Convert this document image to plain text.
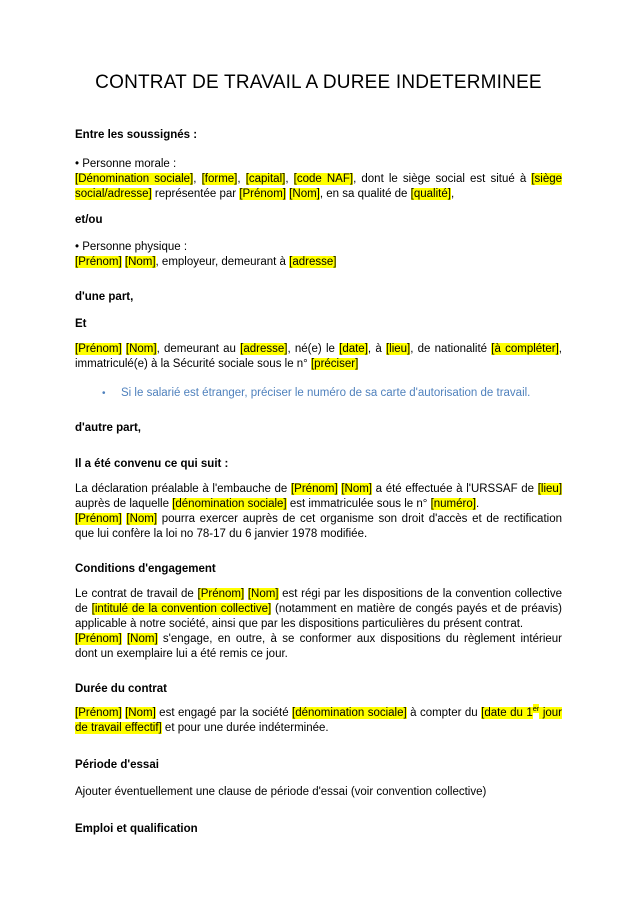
CONTRAT DE TRAVAIL A DUREE INDETERMINEE
Entre les soussignés :
• Personne morale :
[Dénomination sociale], [forme], [capital], [code NAF], dont le siège social est situé à [siège social/adresse] représentée par [Prénom] [Nom], en sa qualité de [qualité],
et/ou
• Personne physique :
[Prénom] [Nom], employeur, demeurant à [adresse]
d'une part,
Et
[Prénom] [Nom], demeurant au [adresse], né(e) le [date], à [lieu], de nationalité [à compléter], immatriculé(e) à la Sécurité sociale sous le n° [préciser]
•	Si le salarié est étranger, préciser le numéro de sa carte d'autorisation de travail.
d'autre part,
Il a été convenu ce qui suit :
La déclaration préalable à l'embauche de [Prénom] [Nom] a été effectuée à l'URSSAF de [lieu] auprès de laquelle [dénomination sociale] est immatriculée sous le n° [numéro].
[Prénom] [Nom] pourra exercer auprès de cet organisme son droit d'accès et de rectification que lui confère la loi no 78-17 du 6 janvier 1978 modifiée.
Conditions d'engagement
Le contrat de travail de [Prénom] [Nom] est régi par les dispositions de la convention collective de [intitulé de la convention collective] (notamment en matière de congés payés et de préavis) applicable à notre société, ainsi que par les dispositions particulières du présent contrat.
[Prénom] [Nom] s'engage, en outre, à se conformer aux dispositions du règlement intérieur dont un exemplaire lui a été remis ce jour.
Durée du contrat
[Prénom] [Nom] est engagé par la société [dénomination sociale] à compter du [date du 1er jour de travail effectif] et pour une durée indéterminée.
Période d'essai
Ajouter éventuellement une clause de période d'essai (voir convention collective)
Emploi et qualification
